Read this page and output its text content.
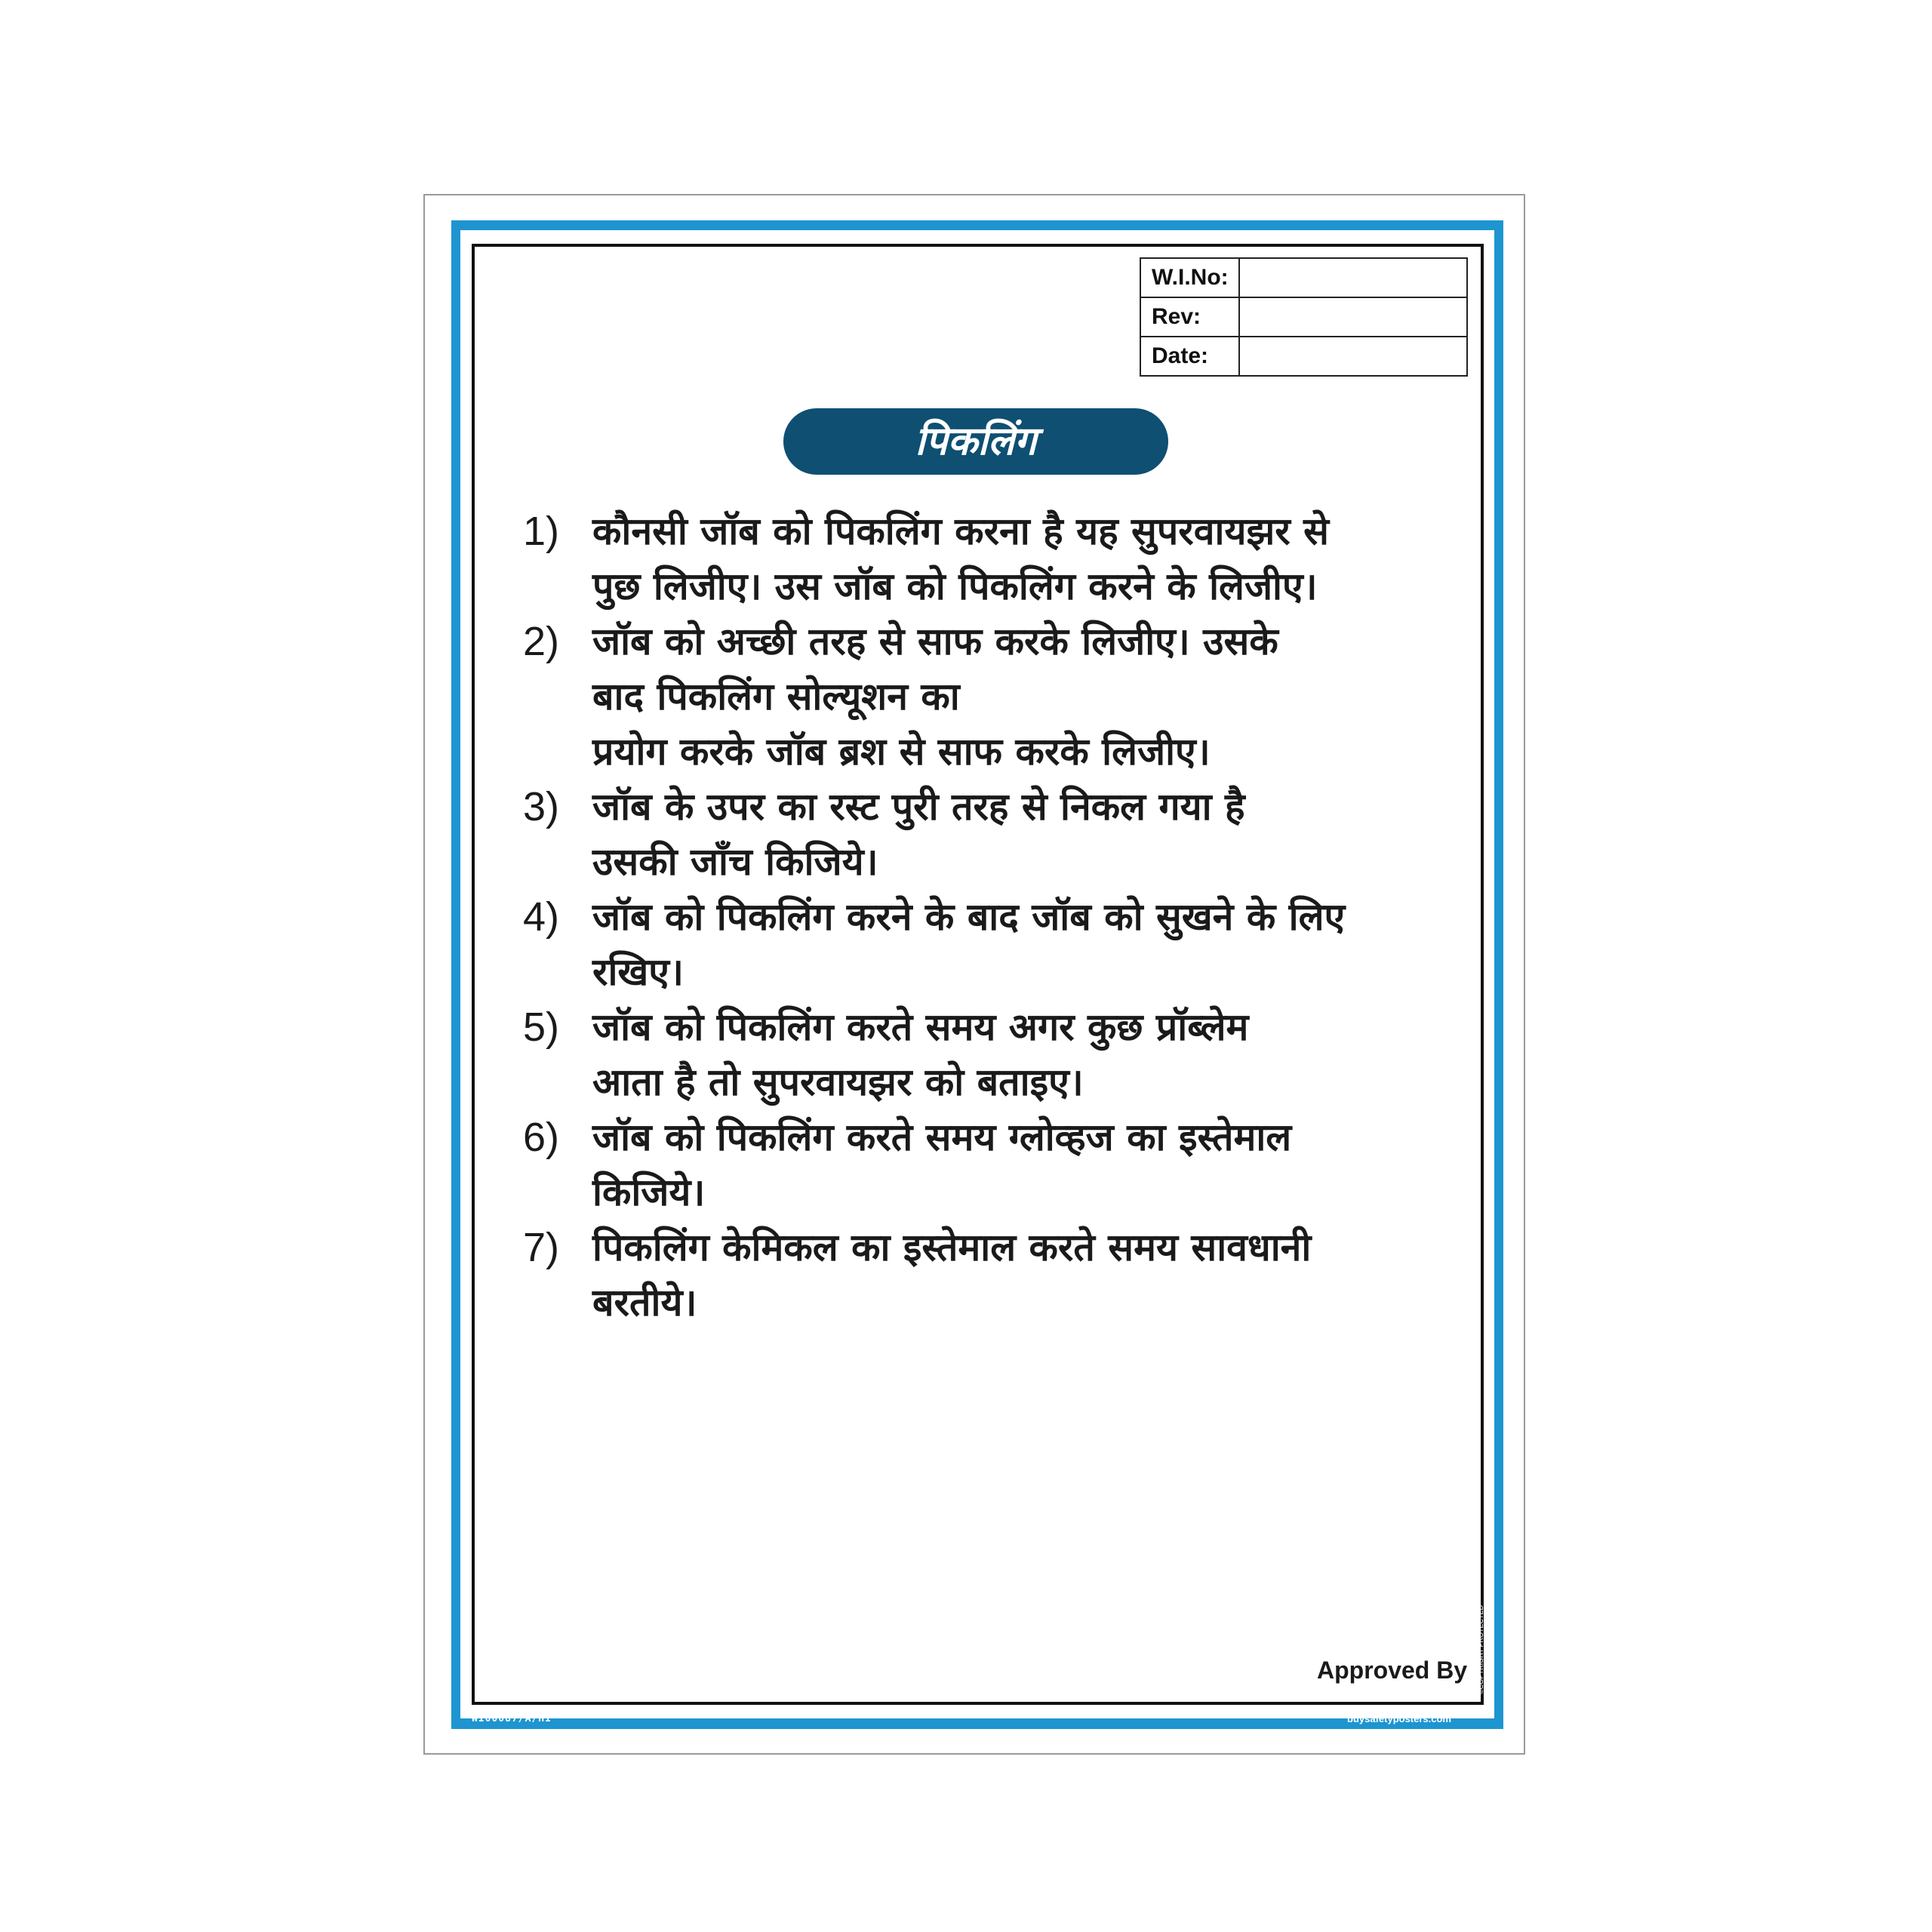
W.I.No:	
Rev:	
Date:	
पिकलिंग
1) कौनसी जॉब को पिकलिंग करना है यह सुपरवायझर से
पुछ लिजीए। उस जॉब को पिकलिंग करने के लिजीए।
2) जॉब को अच्छी तरह से साफ करके लिजीए। उसके
बाद पिकलिंग सोल्यूशन का
प्रयोग करके जॉब ब्रश से साफ करके लिजीए।
3) जॉब के उपर का रस्ट पुरी तरह से निकल गया है
उसकी जाँच किजिये।
4) जॉब को पिकलिंग करने के बाद जॉब को सुखने के लिए
रखिए।
5) जॉब को पिकलिंग करते समय अगर कुछ प्रॉब्लेम
आता है तो सुपरवायझर को बताइए।
6) जॉब को पिकलिंग करते समय ग्लोव्हज का इस्तेमाल
किजिये।
7) पिकलिंग केमिकल का इस्तेमाल करते समय सावधानी
बरतीये।
Approved By
WI00087/A/HI	buysafetyposters.com
©COPYRIGHT PROTECTED
